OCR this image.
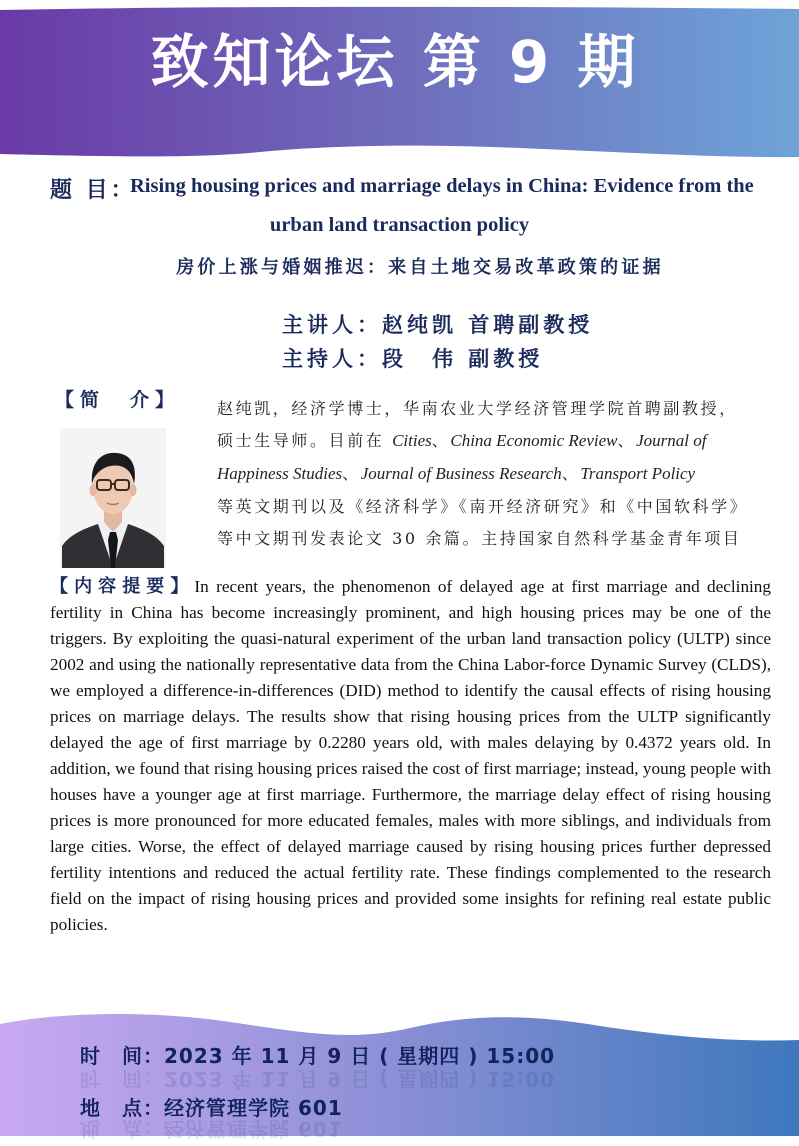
致知论坛 第 9 期
题 目：
Rising housing prices and marriage delays in China: Evidence from the
urban land transaction policy
房价上涨与婚姻推迟：来自土地交易改革政策的证据
主讲人：赵纯凯 首聘副教授
主持人：段　伟 副教授
【简　介】 赵纯凯，经济学博士，华南农业大学经济管理学院首聘副教授，
硕士生导师。目前在 Cities、China Economic Review、Journal of
Happiness Studies、Journal of Business Research、Transport Policy
等英文期刊以及《经济科学》《南开经济研究》和《中国软科学》
等中文期刊发表论文 30 余篇。主持国家自然科学基金青年项目
【内容提要】In recent years, the phenomenon of delayed age at first marriage and declining fertility in China has become increasingly prominent, and high housing prices may be one of the triggers. By exploiting the quasi-natural experiment of the urban land transaction policy (ULTP) since 2002 and using the nationally representative data from the China Labor-force Dynamic Survey (CLDS), we employed a difference-in-differences (DID) method to identify the causal effects of rising housing prices on marriage delays. The results show that rising housing prices from the ULTP significantly delayed the age of first marriage by 0.2280 years old, with males delaying by 0.4372 years old. In addition, we found that rising housing prices raised the cost of first marriage; instead, young people with houses have a younger age at first marriage. Furthermore, the marriage delay effect of rising housing prices is more pronounced for more educated females, males with more siblings, and individuals from large cities. Worse, the effect of delayed marriage caused by rising housing prices further depressed fertility intentions and reduced the actual fertility rate. These findings complemented to the research field on the impact of rising housing prices and provided some insights for refining real estate public policies.
时　间：2023 年 11 月 9 日 ( 星期四 ) 15:00
时　间：2023 年 11 月 9 日 ( 星期四 ) 15:00
地　点：经济管理学院 601
地　点：经济管理学院 601
